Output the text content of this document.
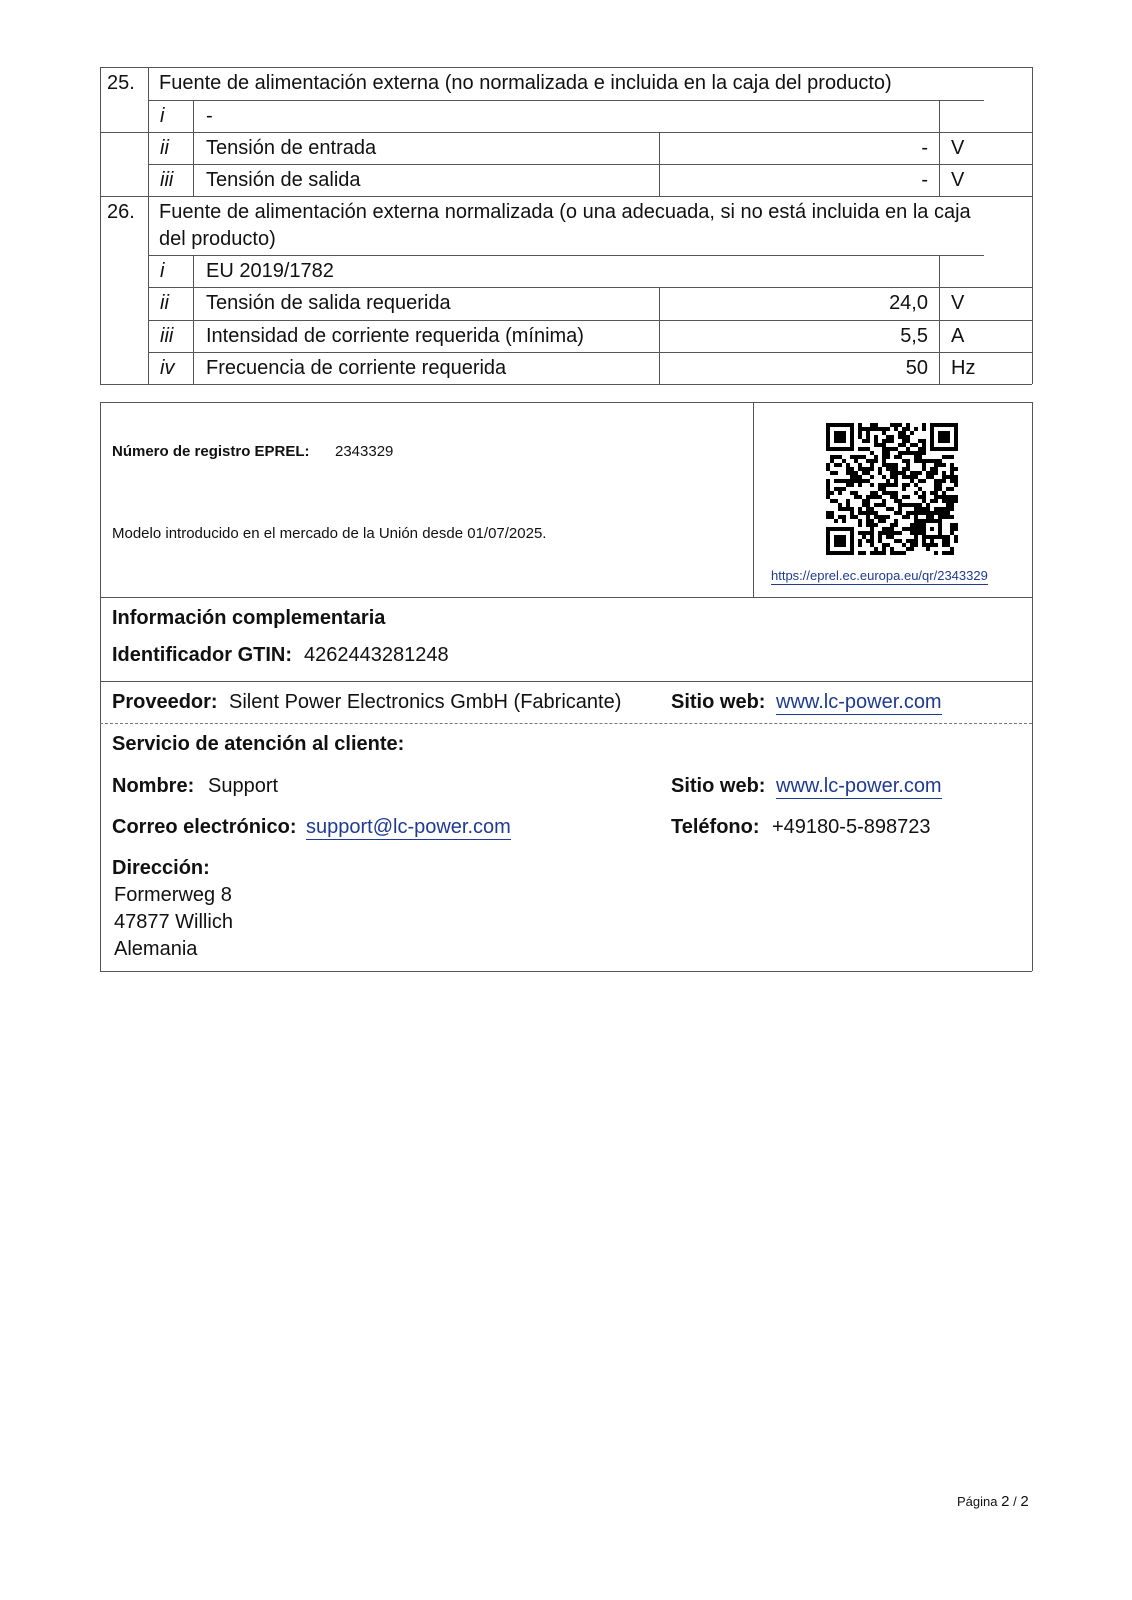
25. Fuente de alimentación externa (no normalizada e incluida en la caja del producto)
i -
ii Tensión de entrada	- V
iii Tensión de salida	- V
26. Fuente de alimentación externa normalizada (o una adecuada, si no está incluida en la caja
del producto)
i EU 2019/1782
ii Tensión de salida requerida	24,0 V
iii Intensidad de corriente requerida (mínima)	5,5 A
iv Frecuencia de corriente requerida	50 Hz
Número de registro EPREL: 2343329
Modelo introducido en el mercado de la Unión desde 01/07/2025.
https://eprel.ec.europa.eu/qr/2343329
Información complementaria
Identificador GTIN: 4262443281248
Proveedor: Silent Power Electronics GmbH (Fabricante) Sitio web: www.lc-power.com
Servicio de atención al cliente:
Nombre: Support	Sitio web: www.lc-power.com
Correo electrónico: support@lc-power.com	Teléfono: +49180-5-898723
Dirección:
Formerweg 8
47877 Willich
Alemania
Página 2 / 2
